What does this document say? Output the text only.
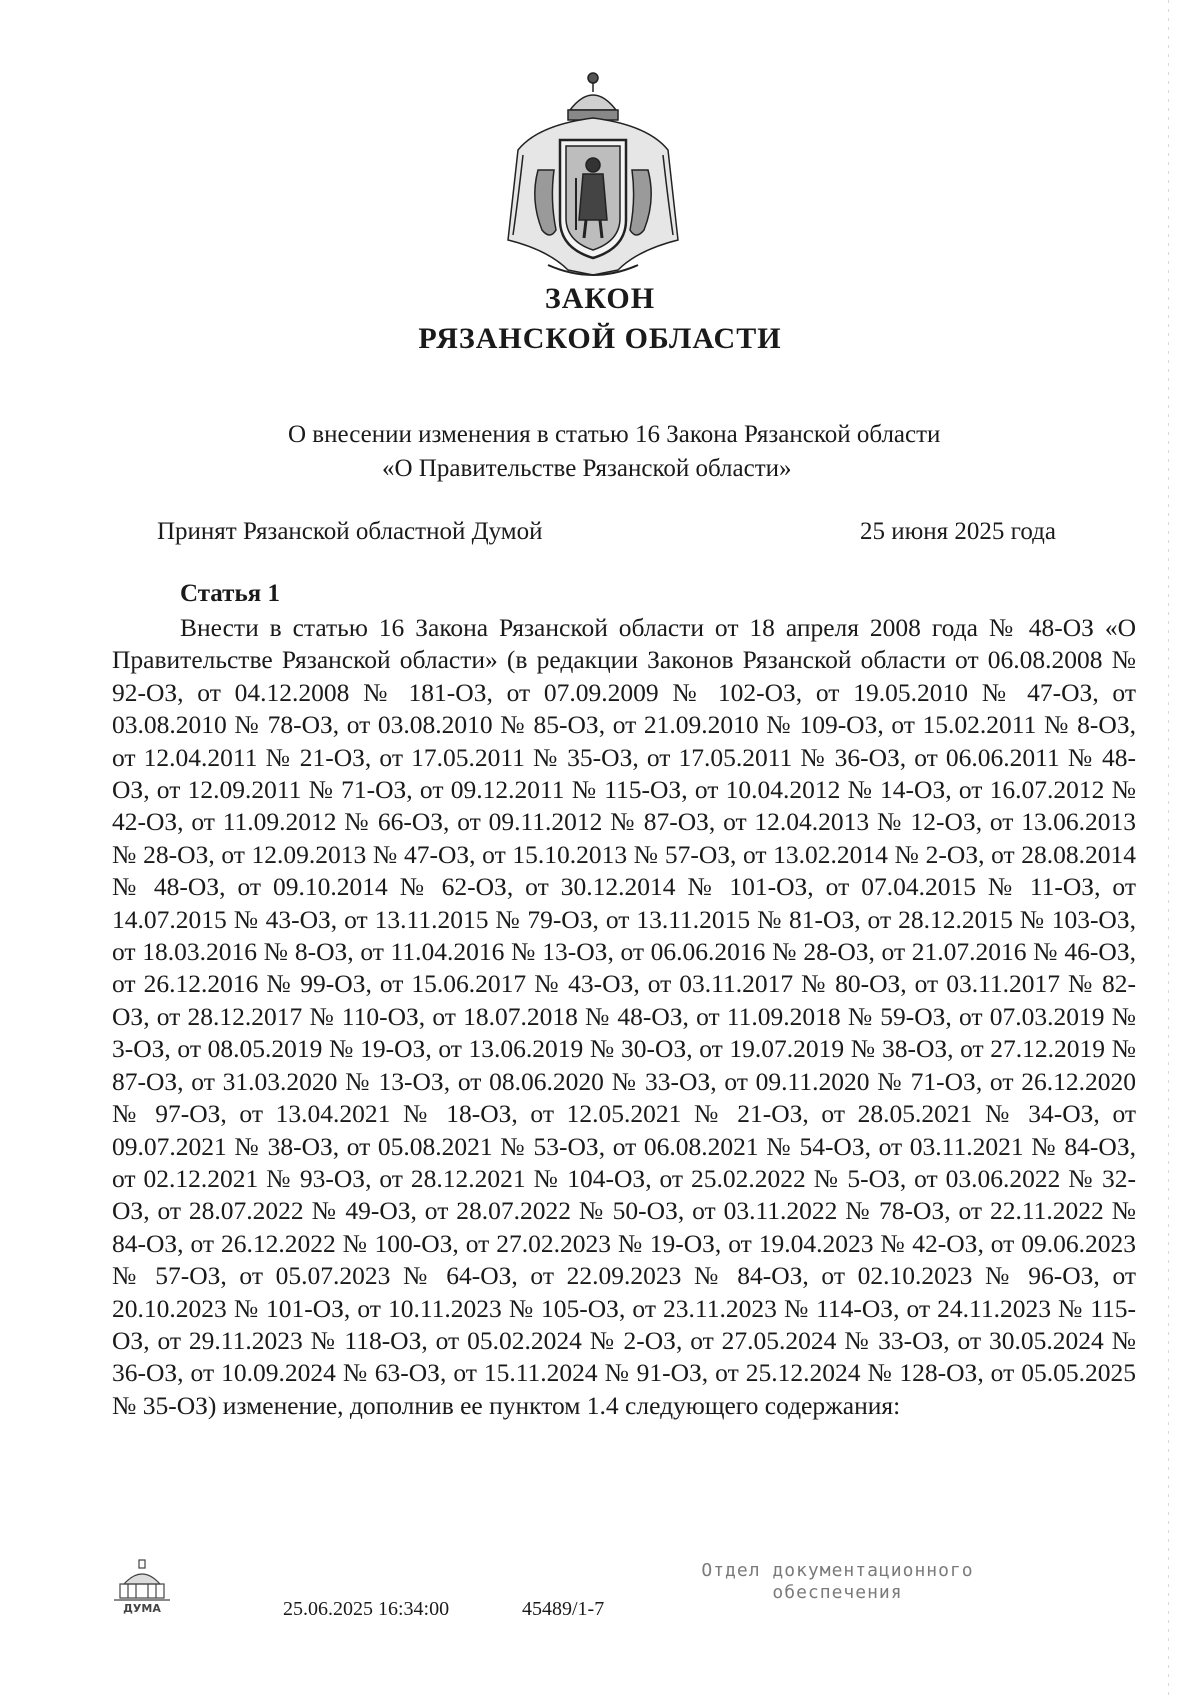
ЗАКОН
РЯЗАНСКОЙ ОБЛАСТИ
О внесении изменения в статью 16 Закона Рязанской области
«О Правительстве Рязанской области»
Принят Рязанской областной Думой	25 июня 2025 года
Статья 1

Внести в статью 16 Закона Рязанской области от 18 апреля 2008 года № 48-ОЗ «О Правительстве Рязанской области» (в редакции Законов Рязанской области от 06.08.2008 № 92-ОЗ, от 04.12.2008 № 181-ОЗ, от 07.09.2009 № 102-ОЗ, от 19.05.2010 № 47-ОЗ, от 03.08.2010 № 78-ОЗ, от 03.08.2010 № 85-ОЗ, от 21.09.2010 № 109-ОЗ, от 15.02.2011 № 8-ОЗ, от 12.04.2011 № 21-ОЗ, от 17.05.2011 № 35-ОЗ, от 17.05.2011 № 36-ОЗ, от 06.06.2011 № 48-ОЗ, от 12.09.2011 № 71-ОЗ, от 09.12.2011 № 115-ОЗ, от 10.04.2012 № 14-ОЗ, от 16.07.2012 № 42-ОЗ, от 11.09.2012 № 66-ОЗ, от 09.11.2012 № 87-ОЗ, от 12.04.2013 № 12-ОЗ, от 13.06.2013 № 28-ОЗ, от 12.09.2013 № 47-ОЗ, от 15.10.2013 № 57-ОЗ, от 13.02.2014 № 2-ОЗ, от 28.08.2014 № 48-ОЗ, от 09.10.2014 № 62-ОЗ, от 30.12.2014 № 101-ОЗ, от 07.04.2015 № 11-ОЗ, от 14.07.2015 № 43-ОЗ, от 13.11.2015 № 79-ОЗ, от 13.11.2015 № 81-ОЗ, от 28.12.2015 № 103-ОЗ, от 18.03.2016 № 8-ОЗ, от 11.04.2016 № 13-ОЗ, от 06.06.2016 № 28-ОЗ, от 21.07.2016 № 46-ОЗ, от 26.12.2016 № 99-ОЗ, от 15.06.2017 № 43-ОЗ, от 03.11.2017 № 80-ОЗ, от 03.11.2017 № 82-ОЗ, от 28.12.2017 № 110-ОЗ, от 18.07.2018 № 48-ОЗ, от 11.09.2018 № 59-ОЗ, от 07.03.2019 № 3-ОЗ, от 08.05.2019 № 19-ОЗ, от 13.06.2019 № 30-ОЗ, от 19.07.2019 № 38-ОЗ, от 27.12.2019 № 87-ОЗ, от 31.03.2020 № 13-ОЗ, от 08.06.2020 № 33-ОЗ, от 09.11.2020 № 71-ОЗ, от 26.12.2020 № 97-ОЗ, от 13.04.2021 № 18-ОЗ, от 12.05.2021 № 21-ОЗ, от 28.05.2021 № 34-ОЗ, от 09.07.2021 № 38-ОЗ, от 05.08.2021 № 53-ОЗ, от 06.08.2021 № 54-ОЗ, от 03.11.2021 № 84-ОЗ, от 02.12.2021 № 93-ОЗ, от 28.12.2021 № 104-ОЗ, от 25.02.2022 № 5-ОЗ, от 03.06.2022 № 32-ОЗ, от 28.07.2022 № 49-ОЗ, от 28.07.2022 № 50-ОЗ, от 03.11.2022 № 78-ОЗ, от 22.11.2022 № 84-ОЗ, от 26.12.2022 № 100-ОЗ, от 27.02.2023 № 19-ОЗ, от 19.04.2023 № 42-ОЗ, от 09.06.2023 № 57-ОЗ, от 05.07.2023 № 64-ОЗ, от 22.09.2023 № 84-ОЗ, от 02.10.2023 № 96-ОЗ, от 20.10.2023 № 101-ОЗ, от 10.11.2023 № 105-ОЗ, от 23.11.2023 № 114-ОЗ, от 24.11.2023 № 115-ОЗ, от 29.11.2023 № 118-ОЗ, от 05.02.2024 № 2-ОЗ, от 27.05.2024 № 33-ОЗ, от 30.05.2024 № 36-ОЗ, от 10.09.2024 № 63-ОЗ, от 15.11.2024 № 91-ОЗ, от 25.12.2024 № 128-ОЗ, от 05.05.2025 № 35-ОЗ) изменение, дополнив ее пунктом 1.4 следующего содержания:

ДУМА	25.06.2025 16:34:00	45489/1-7
Отдел документационного
обеспечения
